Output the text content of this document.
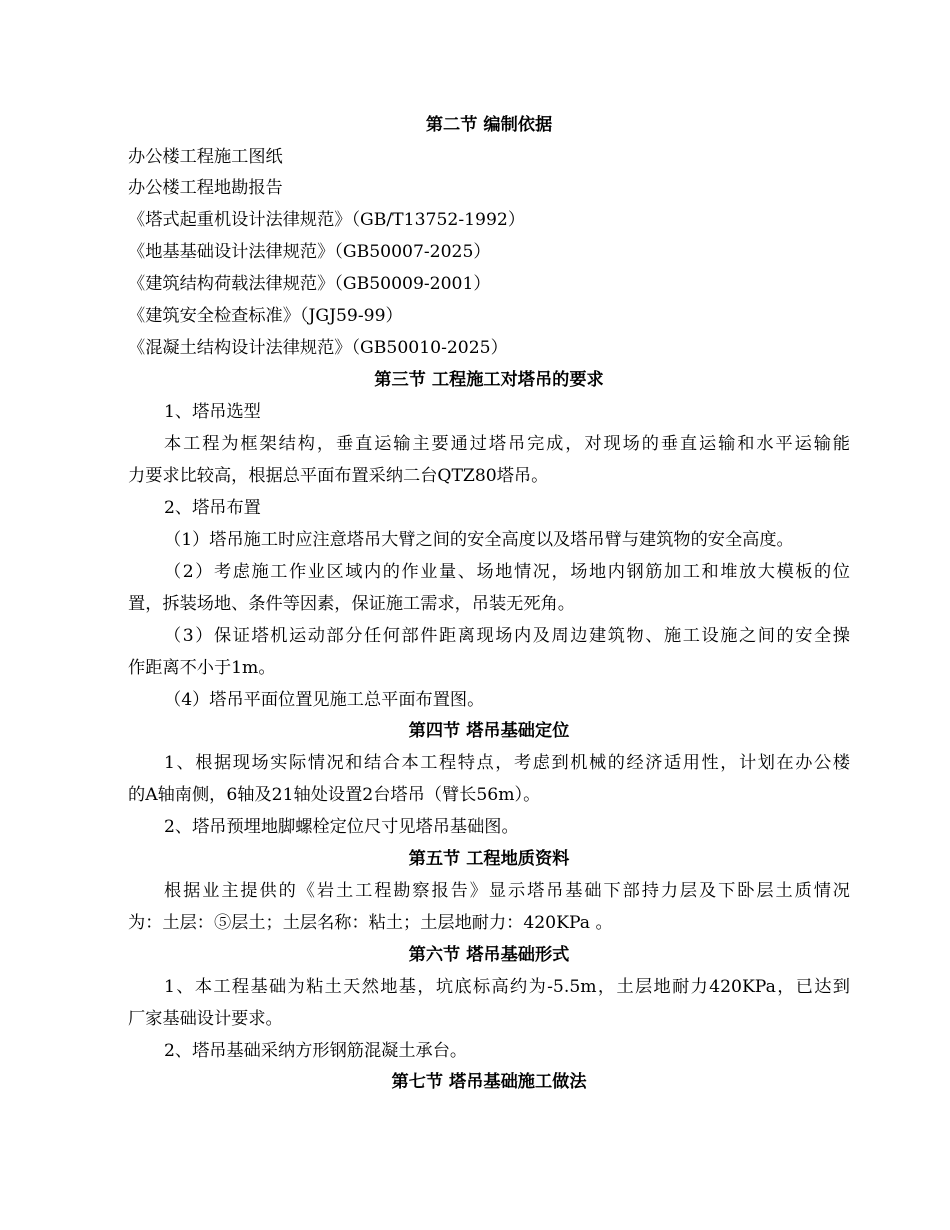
第二节 编制依据
办公楼工程施工图纸
办公楼工程地勘报告
《塔式起重机设计法律规范》（GB/T13752-1992）
《地基基础设计法律规范》（GB50007-2025）
《建筑结构荷载法律规范》（GB50009-2001）
《建筑安全检查标准》（JGJ59-99）
《混凝土结构设计法律规范》（GB50010-2025）
第三节 工程施工对塔吊的要求
1、塔吊选型
本工程为框架结构，垂直运输主要通过塔吊完成，对现场的垂直运输和水平运输能
力要求比较高，根据总平面布置采纳二台QTZ80塔吊。
2、塔吊布置
（1）塔吊施工时应注意塔吊大臂之间的安全高度以及塔吊臂与建筑物的安全高度。
（2）考虑施工作业区域内的作业量、场地情况，场地内钢筋加工和堆放大模板的位
置，拆装场地、条件等因素，保证施工需求，吊装无死角。
（3）保证塔机运动部分任何部件距离现场内及周边建筑物、施工设施之间的安全操
作距离不小于1m。
（4）塔吊平面位置见施工总平面布置图。
第四节 塔吊基础定位
1、根据现场实际情况和结合本工程特点，考虑到机械的经济适用性，计划在办公楼
的A轴南侧，6轴及21轴处设置2台塔吊（臂长56m）。
2、塔吊预埋地脚螺栓定位尺寸见塔吊基础图。
第五节 工程地质资料
根据业主提供的《岩土工程勘察报告》显示塔吊基础下部持力层及下卧层土质情况
为：土层：⑤层土；土层名称：粘土；土层地耐力：420KPa 。
第六节 塔吊基础形式
1、本工程基础为粘土天然地基，坑底标高约为-5.5m，土层地耐力420KPa，已达到
厂家基础设计要求。
2、塔吊基础采纳方形钢筋混凝土承台。
第七节 塔吊基础施工做法
